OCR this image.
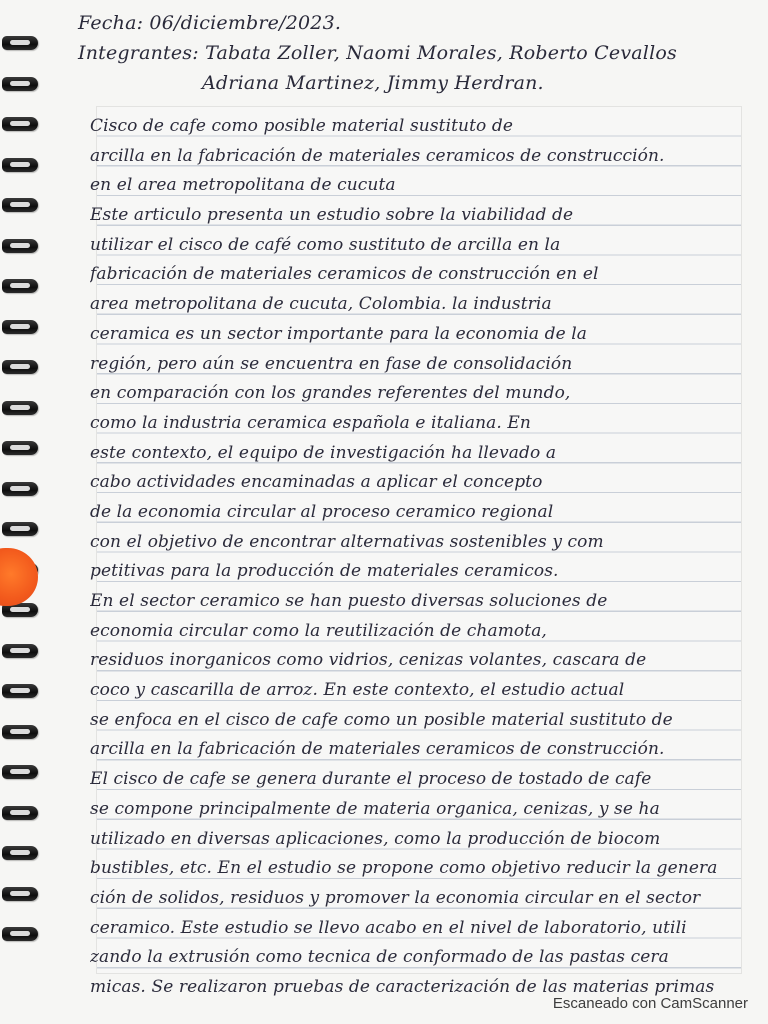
Fecha: 06/diciembre/2023.
Integrantes: Tabata Zoller, Naomi Morales, Roberto Cevallos
Adriana Martinez, Jimmy Herdran.
Cisco de cafe como posible material sustituto de
arcilla en la fabricación de materiales ceramicos de construcción.
en el area metropolitana de cucuta
Este articulo presenta un estudio sobre la viabilidad de
utilizar el cisco de café como sustituto de arcilla en la
fabricación de materiales ceramicos de construcción en el
area metropolitana de cucuta, Colombia. la industria
ceramica es un sector importante para la economia de la
región, pero aún se encuentra en fase de consolidación
en comparación con los grandes referentes del mundo,
como la industria ceramica española e italiana. En
este contexto, el equipo de investigación ha llevado a
cabo actividades encaminadas a aplicar el concepto
de la economia circular al proceso ceramico regional
con el objetivo de encontrar alternativas sostenibles y com
petitivas para la producción de materiales ceramicos.
En el sector ceramico se han puesto diversas soluciones de
economia circular como la reutilización de chamota,
residuos inorganicos como vidrios, cenizas volantes, cascara de
coco y cascarilla de arroz. En este contexto, el estudio actual
se enfoca en el cisco de cafe como un posible material sustituto de
arcilla en la fabricación de materiales ceramicos de construcción.
El cisco de cafe se genera durante el proceso de tostado de cafe
se compone principalmente de materia organica, cenizas, y se ha
utilizado en diversas aplicaciones, como la producción de biocom
bustibles, etc. En el estudio se propone como objetivo reducir la genera
ción de solidos, residuos y promover la economia circular en el sector
ceramico. Este estudio se llevo acabo en el nivel de laboratorio, utili
zando la extrusión como tecnica de conformado de las pastas cera
micas. Se realizaron pruebas de caracterización de las materias primas
Escaneado con CamScanner
